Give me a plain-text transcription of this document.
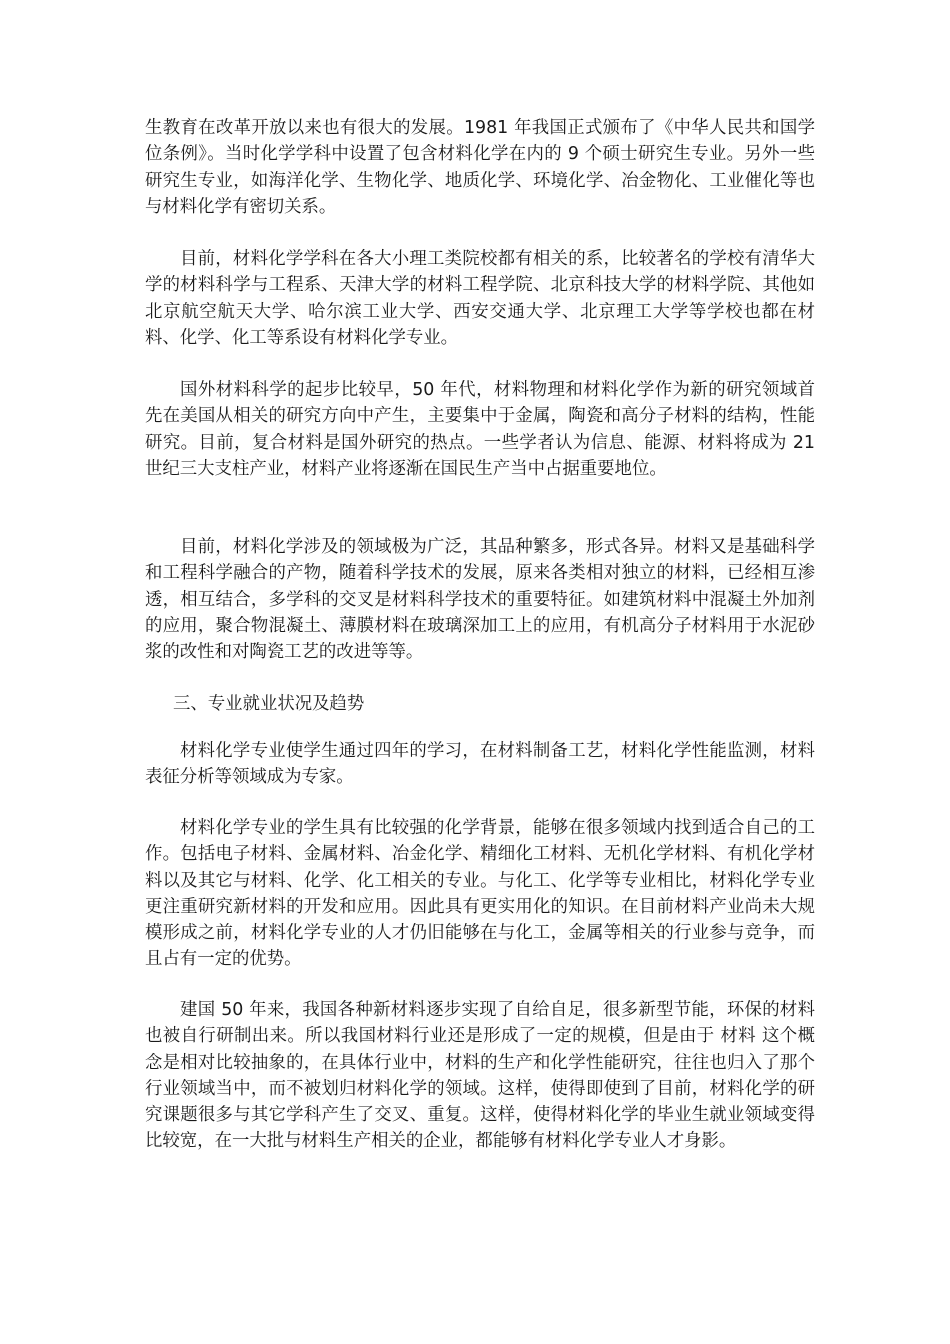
生教育在改革开放以来也有很大的发展。1981 年我国正式颁布了《中华人民共和国学位条例》。当时化学学科中设置了包含材料化学在内的 9 个硕士研究生专业。另外一些研究生专业，如海洋化学、生物化学、地质化学、环境化学、冶金物化、工业催化等也与材料化学有密切关系。

目前，材料化学学科在各大小理工类院校都有相关的系，比较著名的学校有清华大学的材料科学与工程系、天津大学的材料工程学院、北京科技大学的材料学院、其他如北京航空航天大学、哈尔滨工业大学、西安交通大学、北京理工大学等学校也都在材料、化学、化工等系设有材料化学专业。

国外材料科学的起步比较早，50 年代，材料物理和材料化学作为新的研究领域首先在美国从相关的研究方向中产生，主要集中于金属，陶瓷和高分子材料的结构，性能研究。目前，复合材料是国外研究的热点。一些学者认为信息、能源、材料将成为 21 世纪三大支柱产业，材料产业将逐渐在国民生产当中占据重要地位。

目前，材料化学涉及的领域极为广泛，其品种繁多，形式各异。材料又是基础科学和工程科学融合的产物，随着科学技术的发展，原来各类相对独立的材料，已经相互渗透，相互结合，多学科的交叉是材料科学技术的重要特征。如建筑材料中混凝土外加剂的应用，聚合物混凝土、薄膜材料在玻璃深加工上的应用，有机高分子材料用于水泥砂浆的改性和对陶瓷工艺的改进等等。

三、专业就业状况及趋势

材料化学专业使学生通过四年的学习，在材料制备工艺，材料化学性能监测，材料表征分析等领域成为专家。

材料化学专业的学生具有比较强的化学背景，能够在很多领域内找到适合自己的工作。包括电子材料、金属材料、冶金化学、精细化工材料、无机化学材料、有机化学材料以及其它与材料、化学、化工相关的专业。与化工、化学等专业相比，材料化学专业更注重研究新材料的开发和应用。因此具有更实用化的知识。在目前材料产业尚未大规模形成之前，材料化学专业的人才仍旧能够在与化工，金属等相关的行业参与竞争，而且占有一定的优势。

建国 50 年来，我国各种新材料逐步实现了自给自足，很多新型节能，环保的材料也被自行研制出来。所以我国材料行业还是形成了一定的规模，但是由于 材料 这个概念是相对比较抽象的，在具体行业中，材料的生产和化学性能研究，往往也归入了那个行业领域当中，而不被划归材料化学的领域。这样，使得即使到了目前，材料化学的研究课题很多与其它学科产生了交叉、重复。这样，使得材料化学的毕业生就业领域变得比较宽，在一大批与材料生产相关的企业，都能够有材料化学专业人才身影。
